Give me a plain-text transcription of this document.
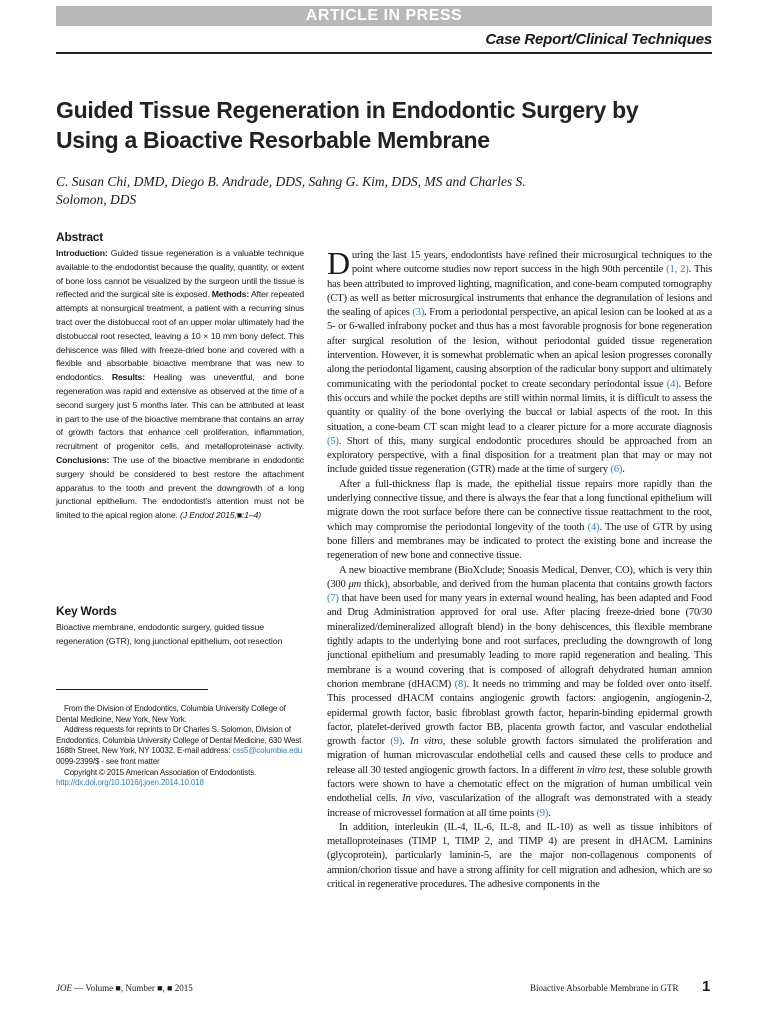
ARTICLE IN PRESS
Case Report/Clinical Techniques
Guided Tissue Regeneration in Endodontic Surgery by Using a Bioactive Resorbable Membrane
C. Susan Chi, DMD, Diego B. Andrade, DDS, Sahng G. Kim, DDS, MS and Charles S. Solomon, DDS
Abstract
Introduction: Guided tissue regeneration is a valuable technique available to the endodontist because the quality, quantity, or extent of bone loss cannot be visualized by the surgeon until the tissue is reflected and the surgical site is exposed. Methods: After repeated attempts at nonsurgical treatment, a patient with a recurring sinus tract over the distobuccal root of an upper molar ultimately had the distobuccal root resected, leaving a 10 × 10 mm bony defect. This dehiscence was filled with freeze-dried bone and covered with a flexible and absorbable bioactive membrane that was new to endodontics. Results: Healing was uneventful, and bone regeneration was rapid and extensive as observed at the time of a second surgery just 5 months later. This can be attributed at least in part to the use of the bioactive membrane that contains an array of growth factors that enhance cell proliferation, inflammation, recruitment of progenitor cells, and metalloproteinase activity. Conclusions: The use of the bioactive membrane in endodontic surgery should be considered to best restore the attachment apparatus to the tooth and prevent the downgrowth of a long junctional epithelium. The endodontist’s attention must not be limited to the apical region alone. (J Endod 2015;■:1–4)
Key Words
Bioactive membrane, endodontic surgery, guided tissue regeneration (GTR), long junctional epithelium, oot resection

From the Division of Endodontics, Columbia University College of Dental Medicine, New York, New York.

Address requests for reprints to Dr Charles S. Solomon, Division of Endodontics, Columbia University College of Dental Medicine, 630 West 168th Street, New York, NY 10032. E-mail address: css5@columbia.edu

0099-2399/$ - see front matter

Copyright © 2015 American Association of Endodontists.

http://dx.doi.org/10.1016/j.joen.2014.10.018

During the last 15 years, endodontists have refined their microsurgical techniques to the point where outcome studies now report success in the high 90th percentile (1, 2). This has been attributed to improved lighting, magnification, and cone-beam computed tomography (CT) as well as better microsurgical instruments that enhance the degranulation of lesions and the sealing of apices (3). From a periodontal perspective, an apical lesion can be looked at as a 5- or 6-walled infrabony pocket and thus has a most favorable prognosis for bone regeneration after surgical resolution of the lesion, without periodontal guided tissue regeneration intervention. However, it is somewhat problematic when an apical lesion progresses coronally along the periodontal ligament, causing absorption of the radicular bony support and ultimately communicating with the periodontal pocket to create secondary periodontal issue (4). Before this occurs and while the pocket depths are still within normal limits, it is difficult to assess the quantity or quality of the bone overlying the buccal or labial aspects of the root. In this situation, a cone-beam CT scan might lead to a clearer picture for a more accurate diagnosis (5). Short of this, many surgical endodontic procedures should be approached from an exploratory perspective, with a final disposition for a treatment plan that may or may not include guided tissue regeneration (GTR) made at the time of surgery (6).

After a full-thickness flap is made, the epithelial tissue repairs more rapidly than the underlying connective tissue, and there is always the fear that a long functional epithelium will migrate down the root surface before there can be connective tissue reattachment to the root, which may compromise the periodontal longevity of the tooth (4). The use of GTR by using bone fillers and membranes may be indicated to protect the existing bone and increase the regeneration of new bone and connective tissue.

A new bioactive membrane (BioXclude; Snoasis Medical, Denver, CO), which is very thin (300 μm thick), absorbable, and derived from the human placenta that contains growth factors (7) that have been used for many years in external wound healing, has been adapted and Food and Drug Administration approved for oral use. After placing freeze-dried bone (70/30 mineralized/demineralized allograft blend) in the bony dehiscences, this flexible membrane tightly adapts to the underlying bone and root surfaces, precluding the downgrowth of long junctional epithelium and presumably leading to more rapid regeneration and healing. This membrane is a wound covering that is composed of allograft dehydrated human amnion chorion membrane (dHACM) (8). It needs no trimming and may be folded over onto itself. This processed dHACM contains angiogenic growth factors: angiogenin, angiogenin-2, epidermal growth factor, basic fibroblast growth factor, heparin-binding epidermal growth factor, platelet-derived growth factor BB, placenta growth factor, and vascular endothelial growth factor (9). In vitro, these soluble growth factors simulated the proliferation and migration of human microvascular endothelial cells and caused these cells to produce and release all 30 tested angiogenic growth factors. In a different in vitro test, these soluble growth factors were shown to have a chemotatic effect on the migration of human umbilical vein endothelial cells. In vivo, vascularization of the allograft was demonstrated with a steady increase of microvessel formation at all time points (9).

In addition, interleukin (IL-4, IL-6, IL-8, and IL-10) as well as tissue inhibitors of metalloproteinases (TIMP 1, TIMP 2, and TIMP 4) are present in dHACM. Laminins (glycoprotein), particularly laminin-5, are the major non-collagenous components of amnion/chorion tissue and have a strong affinity for cell migration and adhesion, which are so critical in regenerative procedures. The adhesive components in the

JOE — Volume ■, Number ■, ■ 2015	Bioactive Absorbable Membrane in GTR 1
